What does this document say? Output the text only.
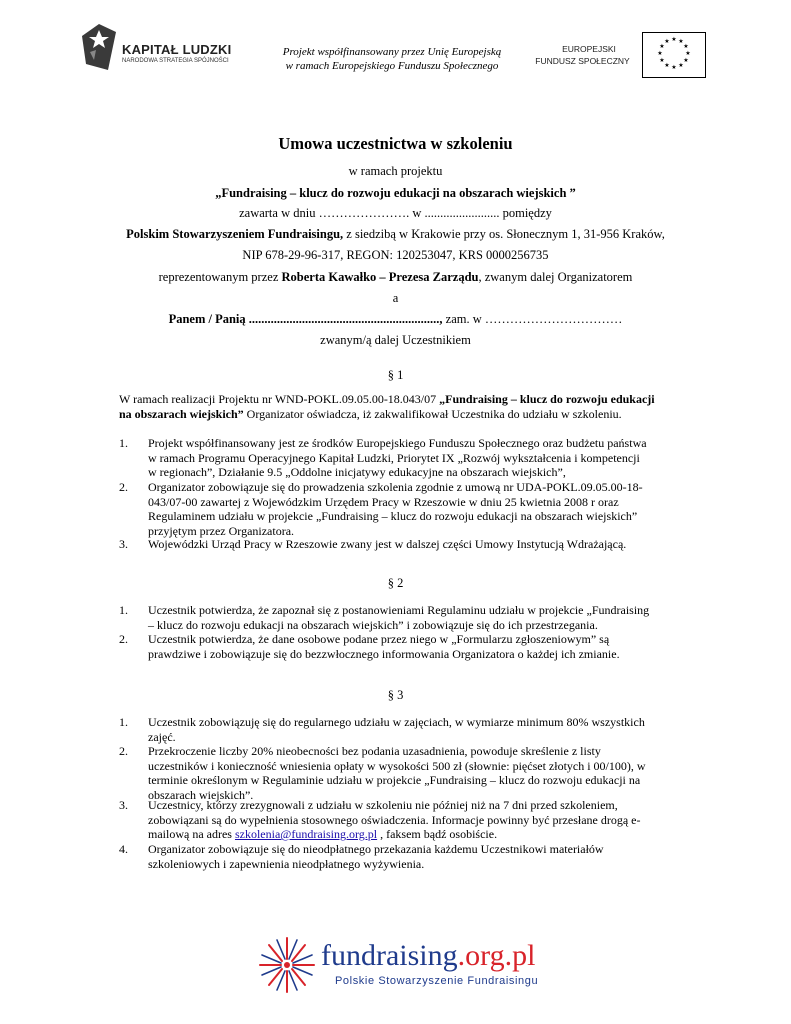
KAPITAŁ LUDZKI
NARODOWA STRATEGIA SPÓJNOŚCI
Projekt współfinansowany przez Unię Europejską
w ramach Europejskiego Funduszu Społecznego
EUROPEJSKI
FUNDUSZ SPOŁECZNY
★ ★
★
★
★
★
★
★
★
★
★
★
Umowa uczestnictwa w szkoleniu
w ramach projektu
„Fundraising – klucz do rozwoju edukacji na obszarach wiejskich ”
zawarta w dniu …………………. w ........................ pomiędzy
Polskim Stowarzyszeniem Fundraisingu, z siedzibą w Krakowie przy os. Słonecznym 1, 31-956 Kraków,
NIP 678-29-96-317, REGON: 120253047, KRS 0000256735
reprezentowanym przez Roberta Kawałko – Prezesa Zarządu, zwanym dalej Organizatorem
a
Panem / Panią ............................................................., zam. w ……………………………
zwanym/ą dalej Uczestnikiem
§ 1
W ramach realizacji Projektu nr WND-POKL.09.05.00-18.043/07 „Fundraising – klucz do rozwoju edukacji
na obszarach wiejskich” Organizator oświadcza, iż zakwalifikował Uczestnika do udziału w szkoleniu.
1. Projekt współfinansowany jest ze środków Europejskiego Funduszu Społecznego oraz budżetu państwa
w ramach Programu Operacyjnego Kapitał Ludzki, Priorytet IX „Rozwój wykształcenia i kompetencji
w regionach”, Działanie 9.5 „Oddolne inicjatywy edukacyjne na obszarach wiejskich”,
2. Organizator zobowiązuje się do prowadzenia szkolenia zgodnie z umową nr UDA-POKL.09.05.00-18-
043/07-00 zawartej z Wojewódzkim Urzędem Pracy w Rzeszowie w dniu 25 kwietnia 2008 r oraz
Regulaminem udziału w projekcie „Fundraising – klucz do rozwoju edukacji na obszarach wiejskich”
przyjętym przez Organizatora.
3. Wojewódzki Urząd Pracy w Rzeszowie zwany jest w dalszej części Umowy Instytucją Wdrażającą.
§ 2
1. Uczestnik potwierdza, że zapoznał się z postanowieniami Regulaminu udziału w projekcie „Fundraising
– klucz do rozwoju edukacji na obszarach wiejskich” i zobowiązuje się do ich przestrzegania.
2. Uczestnik potwierdza, że dane osobowe podane przez niego w „Formularzu zgłoszeniowym” są
prawdziwe i zobowiązuje się do bezzwłocznego informowania Organizatora o każdej ich zmianie.
§ 3
1. Uczestnik zobowiązuję się do regularnego udziału w zajęciach, w wymiarze minimum 80% wszystkich
zajęć.
2. Przekroczenie liczby 20% nieobecności bez podania uzasadnienia, powoduje skreślenie z listy
uczestników i konieczność wniesienia opłaty w wysokości 500 zł (słownie: pięćset złotych i 00/100), w
terminie określonym w Regulaminie udziału w projekcie „Fundraising – klucz do rozwoju edukacji na
obszarach wiejskich”.
3. Uczestnicy, którzy zrezygnowali z udziału w szkoleniu nie później niż na 7 dni przed szkoleniem,
zobowiązani są do wypełnienia stosownego oświadczenia. Informacje powinny być przesłane drogą e-
4. Organizator zobowiązuje się do nieodpłatnego przekazania każdemu Uczestnikowi materiałów
szkoleniowych i zapewnienia nieodpłatnego wyżywienia.
mailową na adres szkolenia@fundraising.org.pl , faksem bądź osobiście.
fundraising.org.pl
Polskie Stowarzyszenie Fundraisingu
